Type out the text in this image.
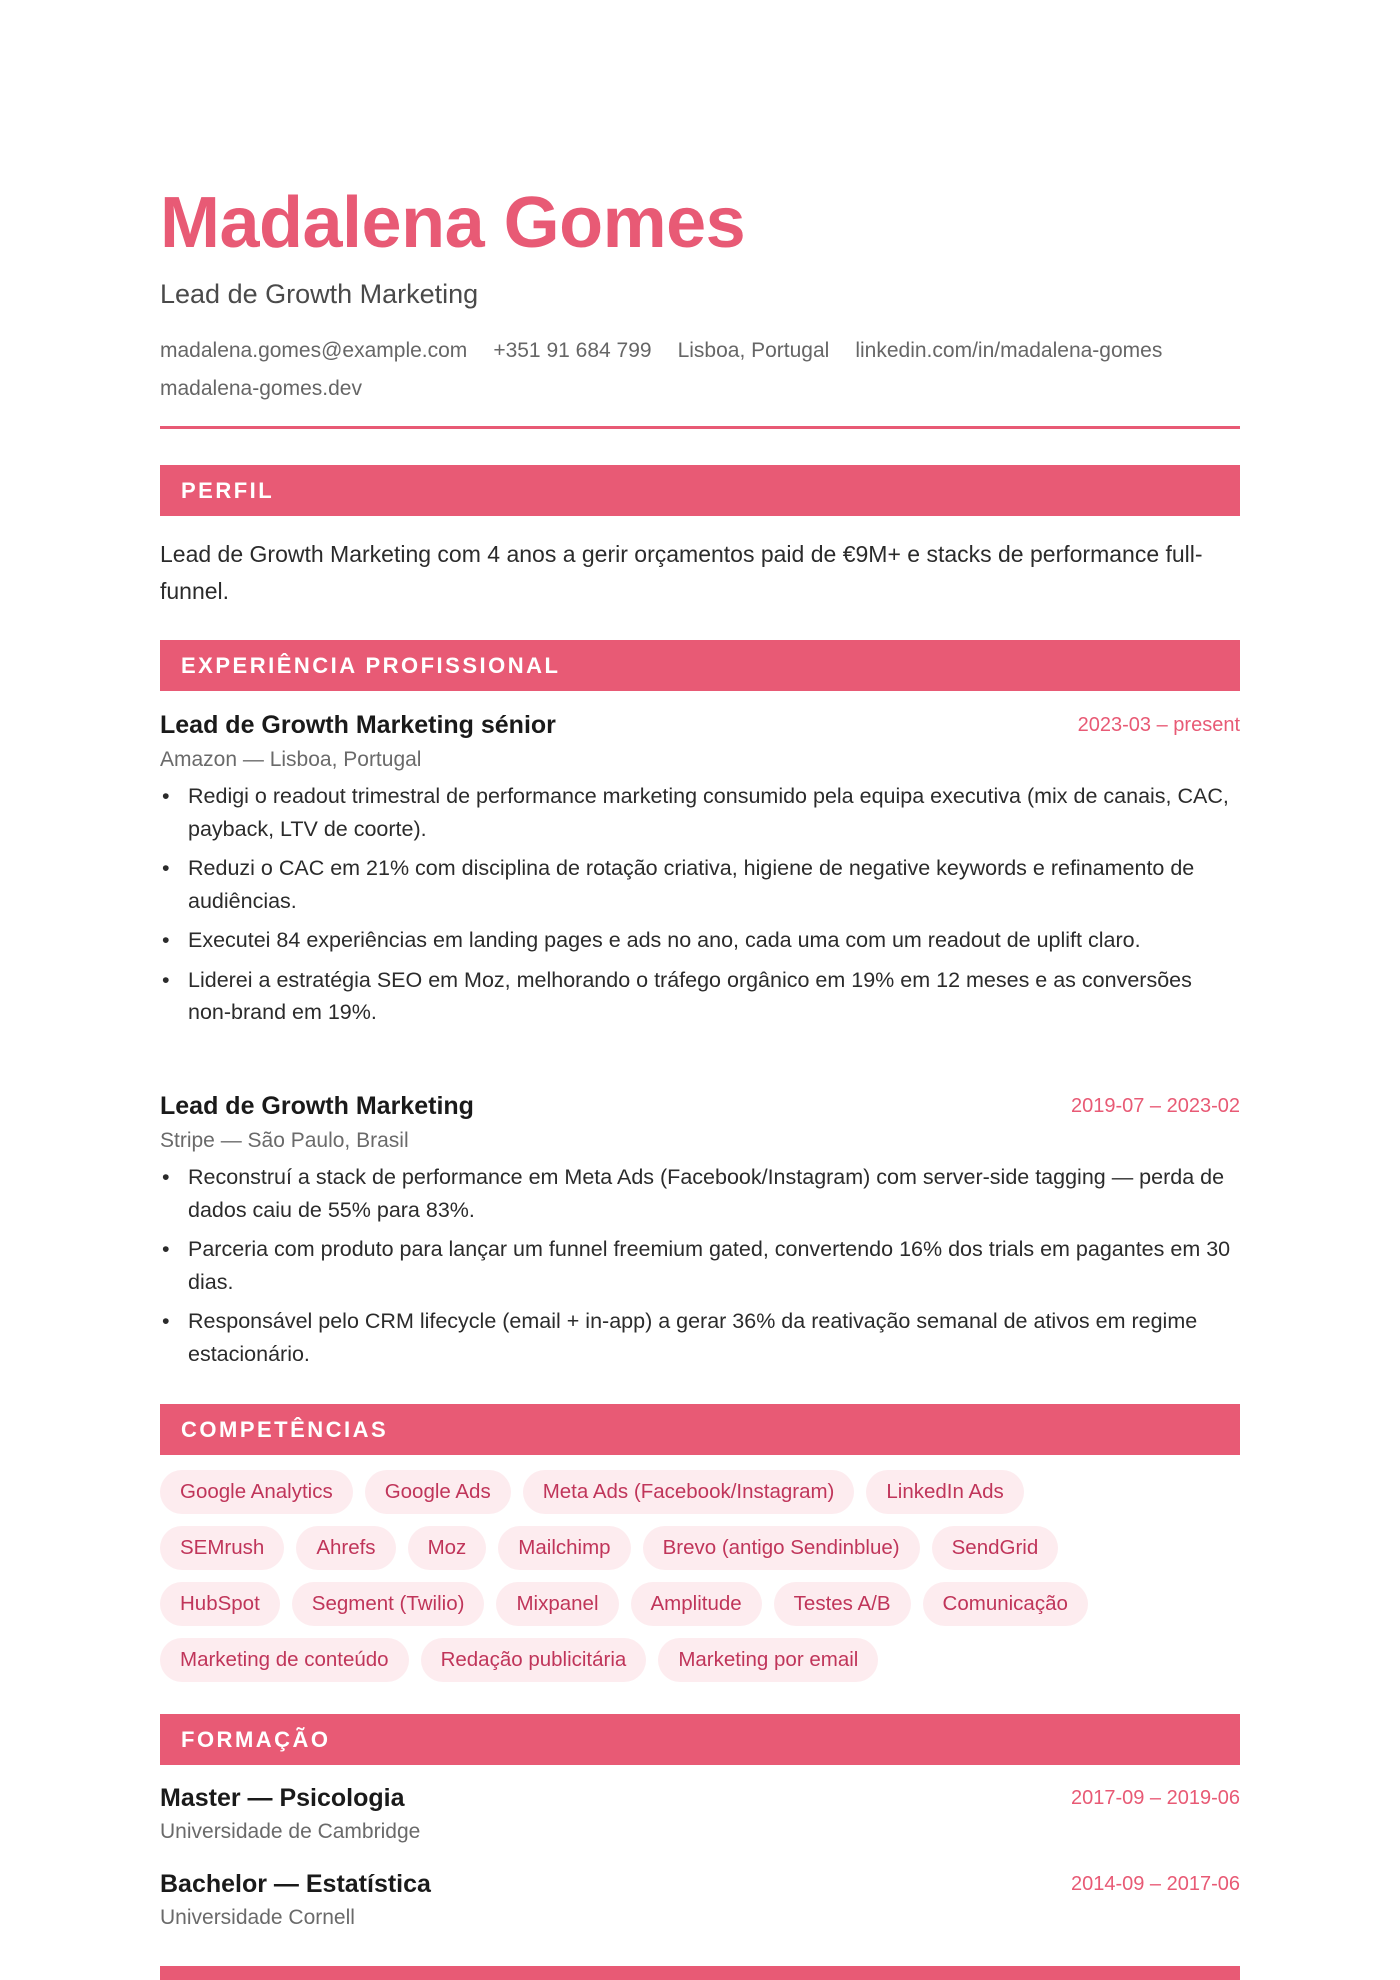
Madalena Gomes
Lead de Growth Marketing
madalena.gomes@example.com +351 91 684 799 Lisboa, Portugal linkedin.com/in/madalena-gomes
madalena-gomes.dev
PERFIL
Lead de Growth Marketing com 4 anos a gerir orçamentos paid de €9M+ e stacks de performance full-funnel.
EXPERIÊNCIA PROFISSIONAL
2023-03 – present
Lead de Growth Marketing sénior
Amazon — Lisboa, Portugal
• Redigi o readout trimestral de performance marketing consumido pela equipa executiva (mix de canais, CAC, payback, LTV de coorte).
• Reduzi o CAC em 21% com disciplina de rotação criativa, higiene de negative keywords e refinamento de audiências.
• Executei 84 experiências em landing pages e ads no ano, cada uma com um readout de uplift claro.
• Liderei a estratégia SEO em Moz, melhorando o tráfego orgânico em 19% em 12 meses e as conversões non-brand em 19%.
2019-07 – 2023-02
Lead de Growth Marketing
Stripe — São Paulo, Brasil
• Reconstruí a stack de performance em Meta Ads (Facebook/Instagram) com server-side tagging — perda de dados caiu de 55% para 83%.
• Parceria com produto para lançar um funnel freemium gated, convertendo 16% dos trials em pagantes em 30 dias.
• Responsável pelo CRM lifecycle (email + in-app) a gerar 36% da reativação semanal de ativos em regime estacionário.
COMPETÊNCIAS
Google Analytics	Google Ads	Meta Ads (Facebook/Instagram)	LinkedIn Ads
SEMrush	Ahrefs	Moz	Mailchimp	Brevo (antigo Sendinblue)	SendGrid
HubSpot	Segment (Twilio)	Mixpanel	Amplitude	Testes A/B	Comunicação
Marketing de conteúdo	Redação publicitária	Marketing por email
FORMAÇÃO
2017-09 – 2019-06
Master — Psicologia
Universidade de Cambridge
2014-09 – 2017-06
Bachelor — Estatística
Universidade Cornell
